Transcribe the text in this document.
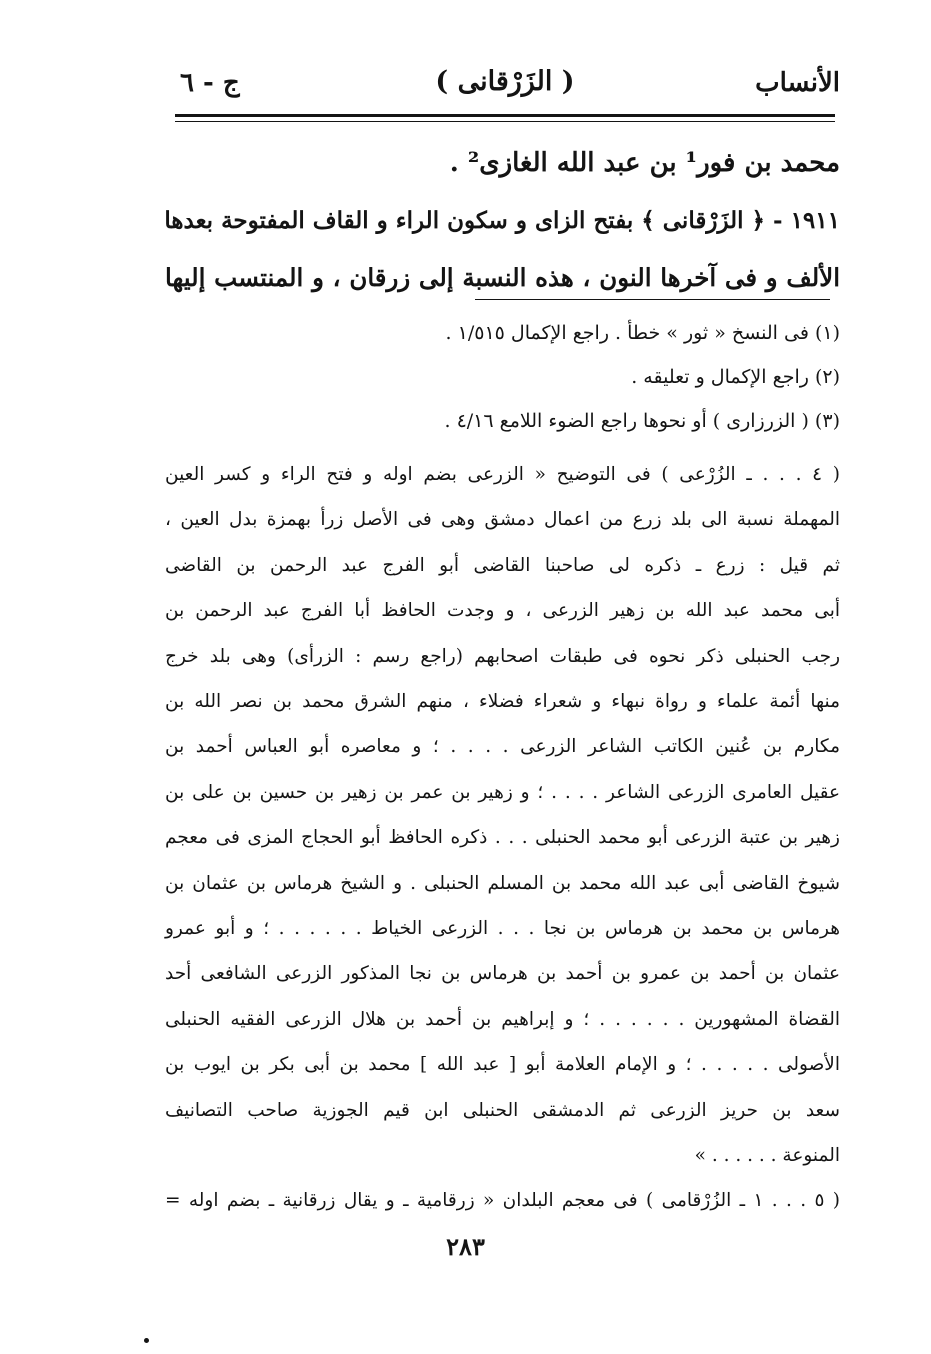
الأنساب
( الزَرْقانى )
ج - ٦
محمد بن فور¹ بن عبد الله الغازى² .
١٩١١ - ﴿ الزَرْقانى ﴾ بفتح الزاى و سكون الراء و القاف المفتوحة بعدها
الألف و فى آخرها النون ، هذه النسبة إلى زرقان ، و المنتسب إليها
(١) فى النسخ « ثور » خطأ . راجع الإكمال ١/٥١٥ .
(٢) راجع الإكمال و تعليقه .
(٣) ( الزرزارى ) أو نحوها راجع الضوء اللامع ٤/١٦ .
( ٤ . . . ـ الزُرْعى ) فى التوضيح « الزرعى بضم اوله و فتح الراء و كسر العين
المهملة نسبة الى بلد زرع من اعمال دمشق وهى فى الأصل زرأ بهمزة بدل العين ،
ثم قيل : زرع ـ ذكره لى صاحبنا القاضى أبو الفرج عبد الرحمن بن القاضى
أبى محمد عبد الله بن زهير الزرعى ، و وجدت الحافظ أبا الفرج عبد الرحمن بن
رجب الحنبلى ذكر نحوه فى طبقات اصحابهم (راجع رسم : الزرأى) وهى بلد خرج
منها أئمة علماء و رواة نبهاء و شعراء فضلاء ، منهم الشرق محمد بن نصر الله بن
مكارم بن عُنين الكاتب الشاعر الزرعى . . . . ؛ و معاصره أبو العباس أحمد بن
عقيل العامرى الزرعى الشاعر . . . . ؛ و زهير بن عمر بن زهير بن حسين بن على بن
زهير بن عتبة الزرعى أبو محمد الحنبلى . . . ذكره الحافظ أبو الحجاج المزى فى معجم
شيوخ القاضى أبى عبد الله محمد بن المسلم الحنبلى . و الشيخ هرماس بن عثمان بن
هرماس بن محمد بن هرماس بن نجا . . . الزرعى الخياط . . . . . . ؛ و أبو عمرو
عثمان بن أحمد بن عمرو بن أحمد بن هرماس بن نجا المذكور الزرعى الشافعى أحد
القضاة المشهورين . . . . . . ؛ و إبراهيم بن أحمد بن هلال الزرعى الفقيه الحنبلى
الأصولى . . . . . ؛ و الإمام العلامة أبو [ عبد الله ] محمد بن أبى بكر بن ايوب بن
سعد بن حريز الزرعى ثم الدمشقى الحنبلى ابن قيم الجوزية صاحب التصانيف
المنوعة . . . . . . »
( ٥ . . . ١ ـ الزُرْقامى ) فى معجم البلدان « زرقامية ـ و يقال زرقانية ـ بضم اوله =
٢٨٣
